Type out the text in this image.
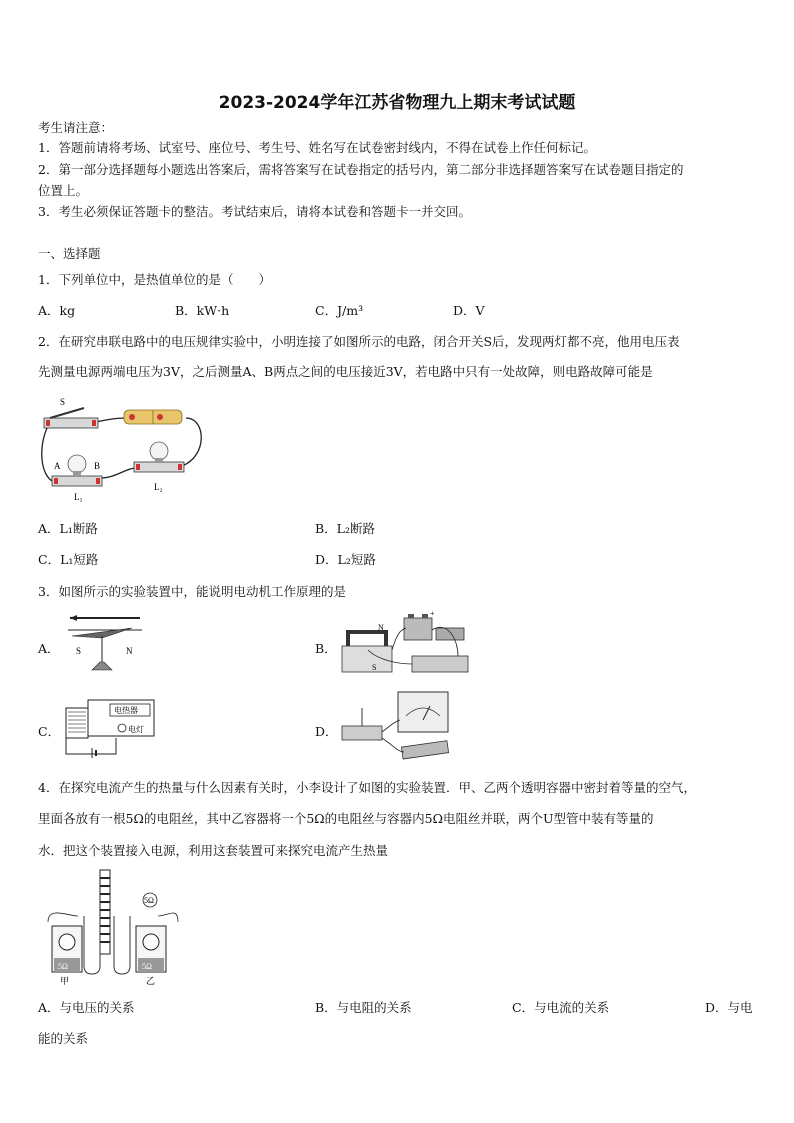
2023-2024学年江苏省物理九上期末考试试题
考生请注意：
1．答题前请将考场、试室号、座位号、考生号、姓名写在试卷密封线内，不得在试卷上作任何标记。
2．第一部分选择题每小题选出答案后，需将答案写在试卷指定的括号内，第二部分非选择题答案写在试卷题目指定的
位置上。
3．考生必须保证答题卡的整洁。考试结束后，请将本试卷和答题卡一并交回。
一、选择题
1．下列单位中，是热值单位的是（　　）
A．kg	B．kW·h	C．J/m³	D．V
2．在研究串联电路中的电压规律实验中，小明连接了如图所示的电路，闭合开关S后，发现两灯都不亮，他用电压表
先测量电源两端电压为3V，之后测量A、B两点之间的电压接近3V，若电路中只有一处故障，则电路故障可能是
S
A	B
L₁
L₂
A．L₁断路	B．L₂断路
C．L₁短路	D．L₂短路
3．如图所示的实验装置中，能说明电动机工作原理的是
A． S	N	B．
N
S
+
C．
电热器
电灯	D．
4．在探究电流产生的热量与什么因素有关时，小李设计了如图的实验装置．甲、乙两个透明容器中密封着等量的空气，
里面各放有一根5Ω的电阻丝，其中乙容器将一个5Ω的电阻丝与容器内5Ω电阻丝并联，两个U型管中装有等量的
水．把这个装置接入电源，利用这套装置可来探究电流产生热量
5Ω
5Ω
甲
5Ω
乙
A．与电压的关系	B．与电阻的关系	C．与电流的关系	D．与电
能的关系
